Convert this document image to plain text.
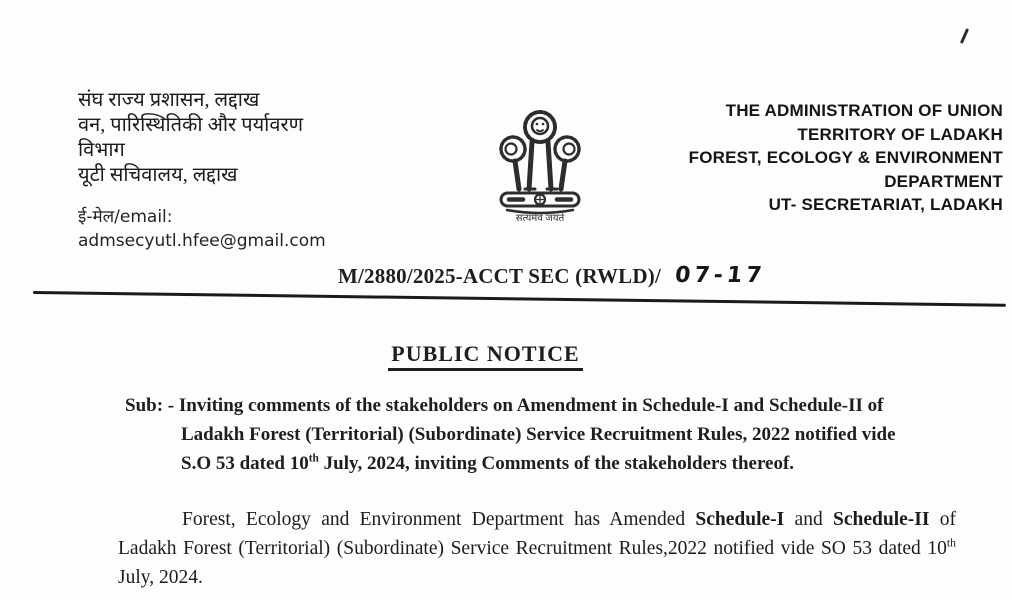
संघ राज्य प्रशासन, लद्दाख
वन, पारिस्थितिकी और पर्यावरण
विभाग
यूटी सचिवालय, लद्दाख
ई-मेल/email:
admsecyutl.hfee@gmail.com
सत्यमेव जयते
THE ADMINISTRATION OF UNION
TERRITORY OF LADAKH
FOREST, ECOLOGY & ENVIRONMENT
DEPARTMENT
UT- SECRETARIAT, LADAKH
M/2880/2025-ACCT SEC (RWLD)/ 07-17
PUBLIC NOTICE
Sub: - Inviting comments of the stakeholders on Amendment in Schedule-I and Schedule-II of
Ladakh Forest (Territorial) (Subordinate) Service Recruitment Rules, 2022 notified vide
S.O 53 dated 10th July, 2024, inviting Comments of the stakeholders thereof.

Forest, Ecology and Environment Department has Amended Schedule-I and Schedule-II of Ladakh Forest (Territorial) (Subordinate) Service Recruitment Rules,2022 notified vide SO 53 dated 10th July, 2024.
